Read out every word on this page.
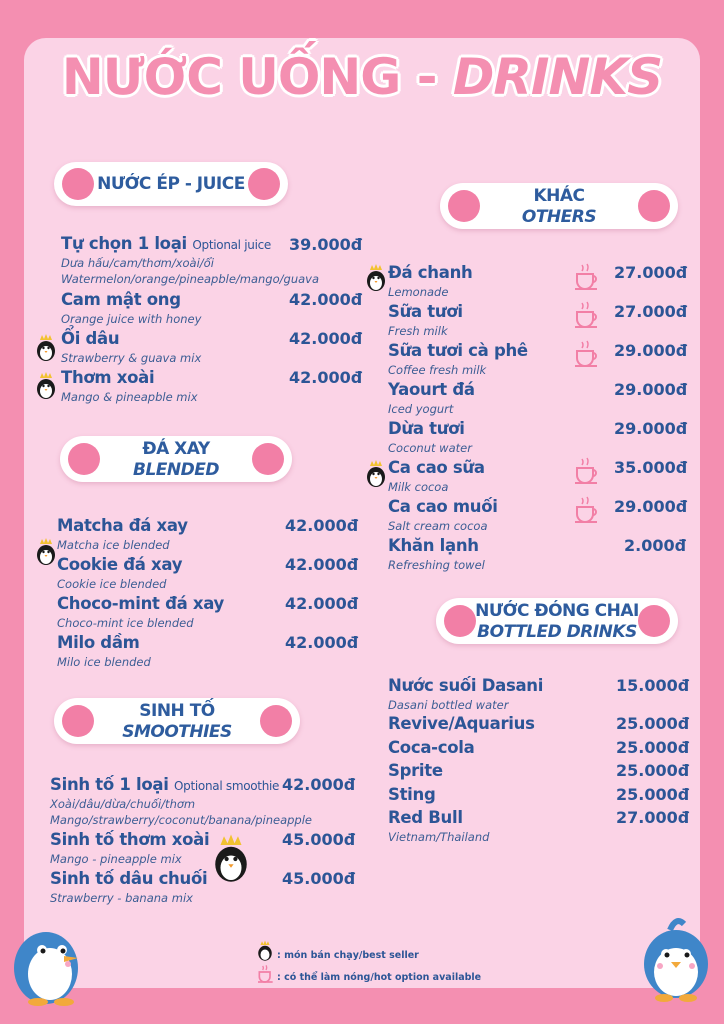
NƯỚC UỐNG - DRINKS
NƯỚC ÉP - JUICE
ĐÁ XAY
BLENDED
SINH TỐ
SMOOTHIES
KHÁC
OTHERS
NƯỚC ĐÓNG CHAI
BOTTLED DRINKS
Tự chọn 1 loại Optional juice 39.000đ
Dưa hấu/cam/thơm/xoài/ổi
Watermelon/orange/pineapble/mango/guava
Cam mật ong	42.000đ
Orange juice with honey
Ổi dâu	42.000đ
Strawberry & guava mix
Thơm xoài	42.000đ
Mango & pineapble mix
Matcha đá xay	42.000đ
Matcha ice blended
Cookie đá xay	42.000đ
Cookie ice blended
Choco-mint đá xay	42.000đ
Choco-mint ice blended
Milo dầm	42.000đ
Milo ice blended
Sinh tố 1 loại Optional smoothie 42.000đ
Xoài/dâu/dừa/chuối/thơm
Mango/strawberry/coconut/banana/pineapple
Sinh tố thơm xoài	45.000đ
Mango - pineapple mix
Sinh tố dâu chuối	45.000đ
Strawberry - banana mix
Đá chanh	27.000đ
Lemonade
Sữa tươi	27.000đ
Fresh milk
Sữa tươi cà phê	29.000đ
Coffee fresh milk
Yaourt đá	29.000đ
Iced yogurt
Dừa tươi	29.000đ
Coconut water
Ca cao sữa	35.000đ
Milk cocoa
Ca cao muối	29.000đ
Salt cream cocoa
Khăn lạnh	2.000đ
Refreshing towel
Nước suối Dasani	15.000đ
Dasani bottled water
Revive/Aquarius	25.000đ
Coca-cola	25.000đ
Sprite	25.000đ
Sting	25.000đ
Red Bull	27.000đ
Vietnam/Thailand
: món bán chạy/best seller
: có thể làm nóng/hot option available
